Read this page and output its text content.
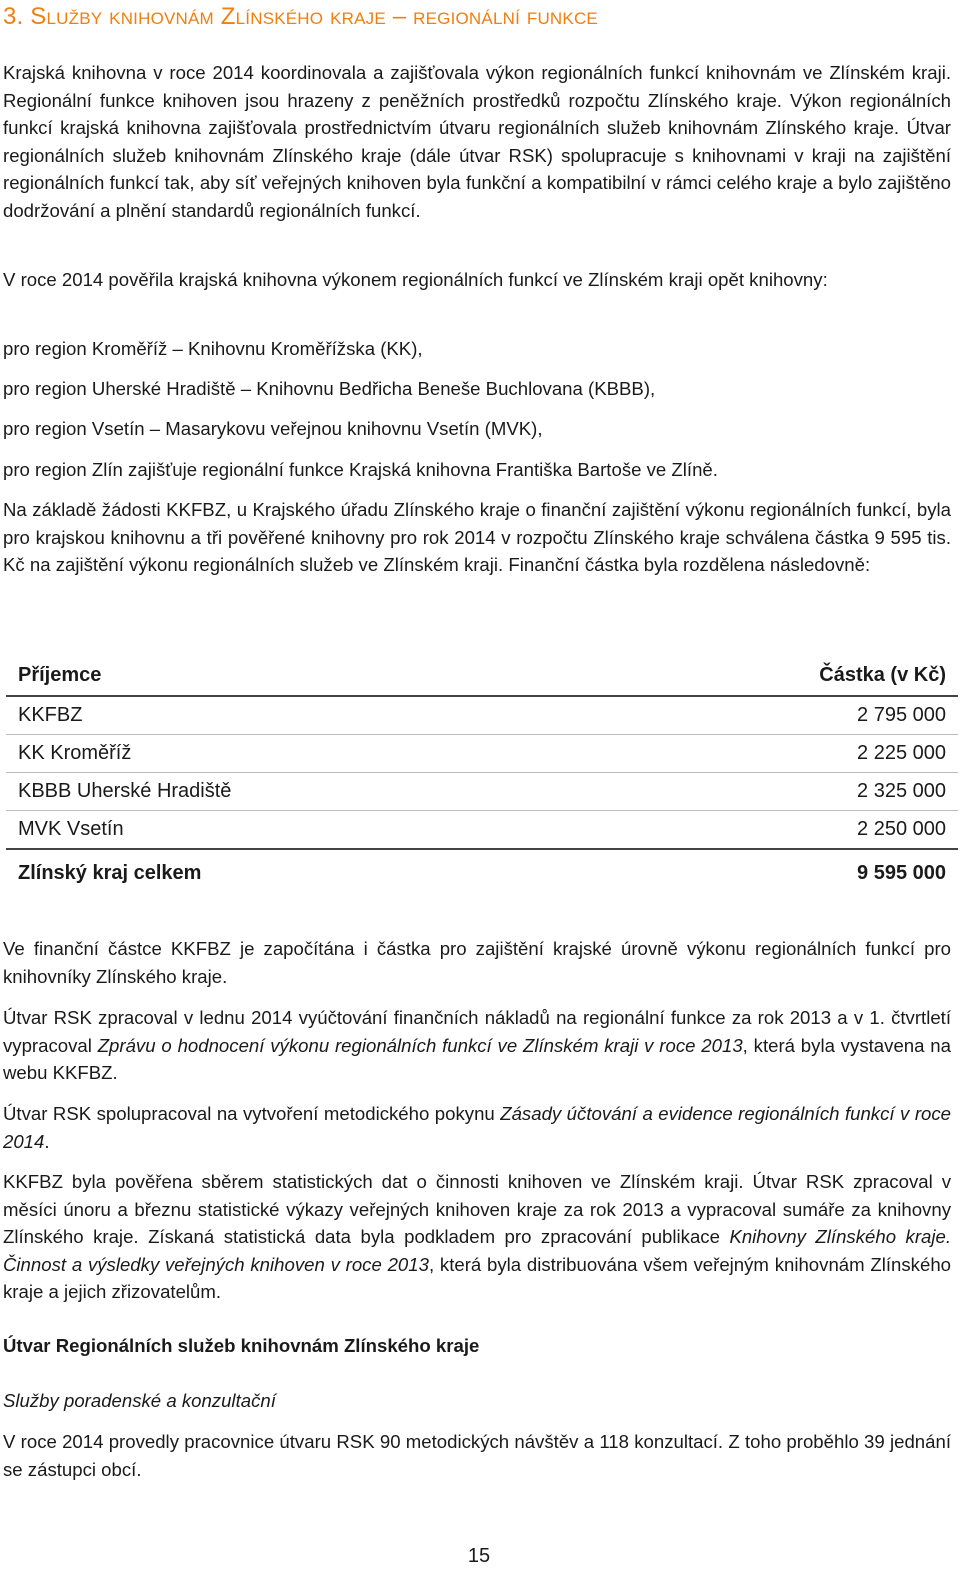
3. Služby knihovnám Zlínského kraje – regionální funkce
Krajská knihovna v roce 2014 koordinovala a zajišťovala výkon regionálních funkcí knihovnám ve Zlínském kraji. Regionální funkce knihoven jsou hrazeny z peněžních prostředků rozpočtu Zlínského kraje. Výkon regionálních funkcí krajská knihovna zajišťovala prostřednictvím útvaru regionálních služeb knihovnám Zlínského kraje. Útvar regionálních služeb knihovnám Zlínského kraje (dále útvar RSK) spolupracuje s knihovnami v kraji na zajištění regionálních funkcí tak, aby síť veřejných knihoven byla funkční a kompatibilní v rámci celého kraje a bylo zajištěno dodržování a plnění standardů regionálních funkcí.
V roce 2014 pověřila krajská knihovna výkonem regionálních funkcí ve Zlínském kraji opět knihovny:
pro region Kroměříž – Knihovnu Kroměřížska (KK),
pro region Uherské Hradiště – Knihovnu Bedřicha Beneše Buchlovana (KBBB),
pro region Vsetín – Masarykovu veřejnou knihovnu Vsetín (MVK),
pro region Zlín zajišťuje regionální funkce Krajská knihovna Františka Bartoše ve Zlíně.
Na základě žádosti KKFBZ, u Krajského úřadu Zlínského kraje o finanční zajištění výkonu regionálních funkcí, byla pro krajskou knihovnu a tři pověřené knihovny pro rok 2014 v rozpočtu Zlínského kraje schválena částka 9 595 tis. Kč na zajištění výkonu regionálních služeb ve Zlínském kraji. Finanční částka byla rozdělena následovně:
Příjemce	Částka (v Kč)
KKFBZ	2 795 000
KK Kroměříž	2 225 000
KBBB Uherské Hradiště	2 325 000
MVK Vsetín	2 250 000
Zlínský kraj celkem	9 595 000
Ve finanční částce KKFBZ je započítána i částka pro zajištění krajské úrovně výkonu regionálních funkcí pro knihovníky Zlínského kraje.
Útvar RSK zpracoval v lednu 2014 vyúčtování finančních nákladů na regionální funkce za rok 2013 a v 1. čtvrtletí vypracoval Zprávu o hodnocení výkonu regionálních funkcí ve Zlínském kraji v roce 2013, která byla vystavena na webu KKFBZ.
Útvar RSK spolupracoval na vytvoření metodického pokynu Zásady účtování a evidence regionálních funkcí v roce 2014.
KKFBZ byla pověřena sběrem statistických dat o činnosti knihoven ve Zlínském kraji. Útvar RSK zpracoval v měsíci únoru a březnu statistické výkazy veřejných knihoven kraje za rok 2013 a vypracoval sumáře za knihovny Zlínského kraje. Získaná statistická data byla podkladem pro zpracování publikace Knihovny Zlínského kraje. Činnost a výsledky veřejných knihoven v roce 2013, která byla distribuována všem veřejným knihovnám Zlínského kraje a jejich zřizovatelům.
Útvar Regionálních služeb knihovnám Zlínského kraje
Služby poradenské a konzultační
V roce 2014 provedly pracovnice útvaru RSK 90 metodických návštěv a 118 konzultací. Z toho proběhlo 39 jednání se zástupci obcí.
15
